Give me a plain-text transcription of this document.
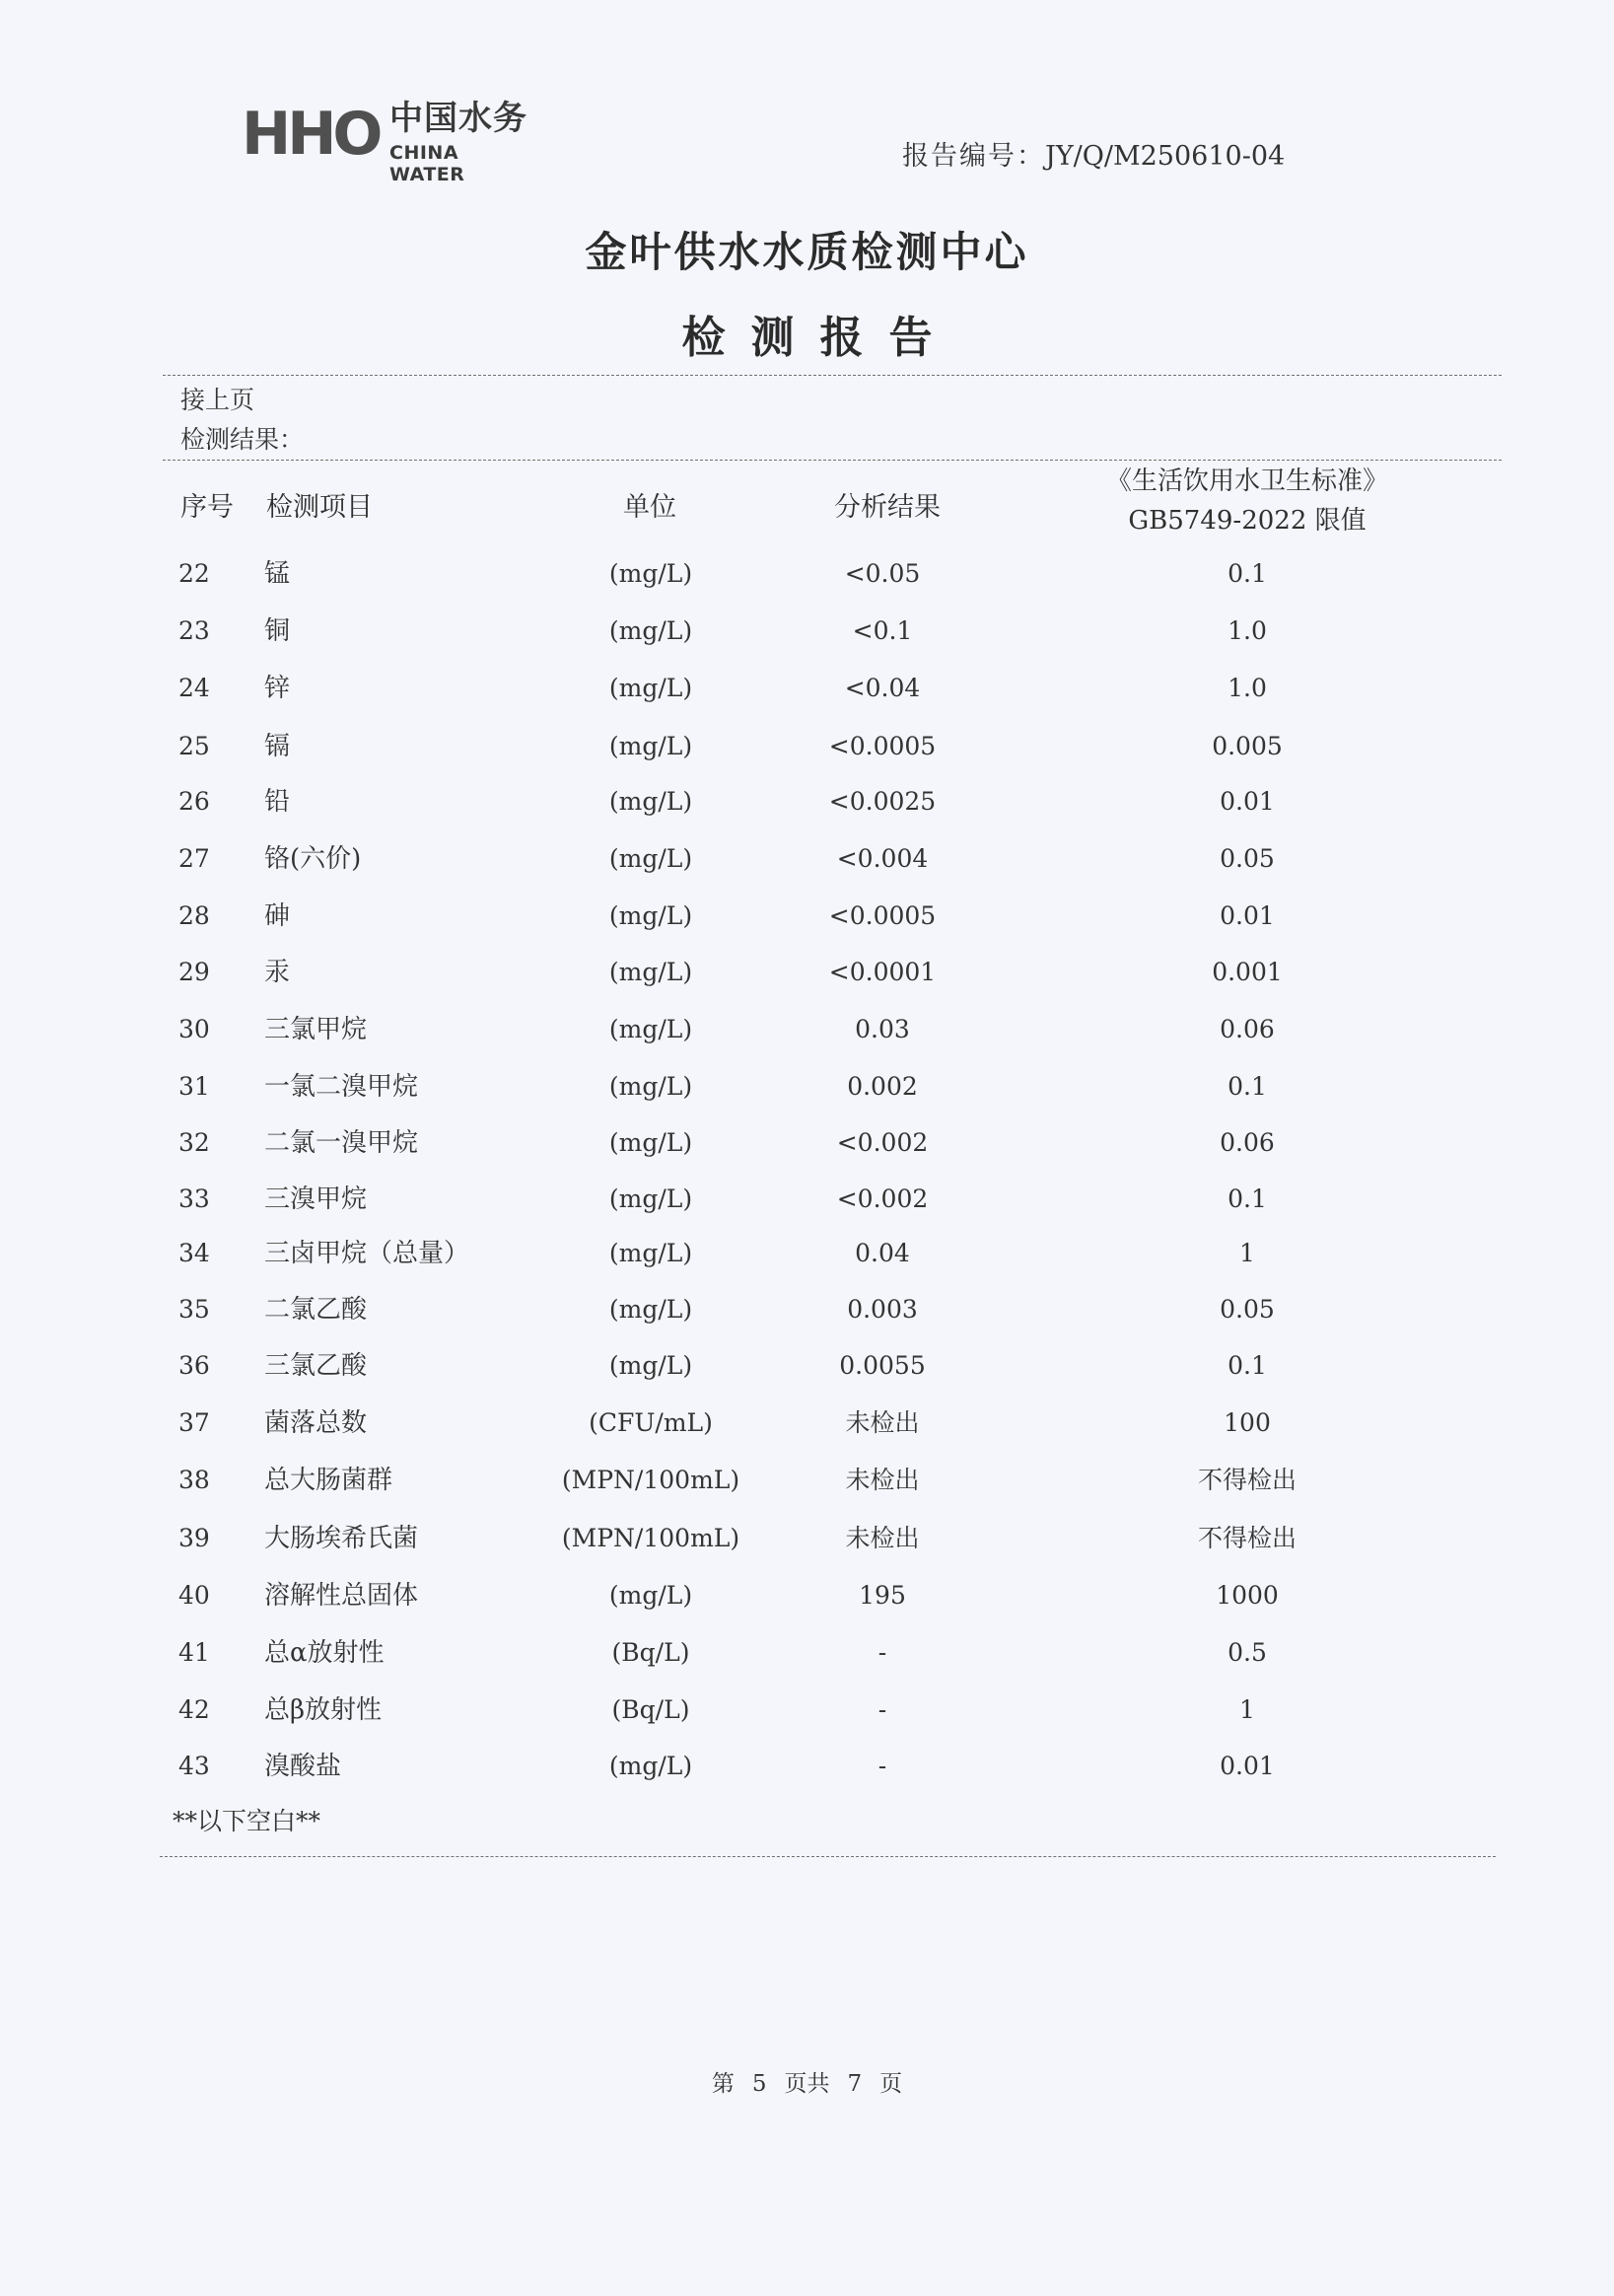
HHO 中国水务
CHINA WATER
报告编号：JY/Q/M250610-04
金叶供水水质检测中心
检测报告
接上页
检测结果：
序号 检测项目	单位	分析结果
《生活饮用水卫生标准》
GB5749-2022 限值
22 锰	(mg/L)	<0.05	0.1
23 铜	(mg/L)	<0.1	1.0
24 锌	(mg/L)	<0.04	1.0
25 镉	(mg/L)	<0.0005	0.005
26 铅	(mg/L)	<0.0025	0.01
27 铬(六价)	(mg/L)	<0.004	0.05
28 砷	(mg/L)	<0.0005	0.01
29 汞	(mg/L)	<0.0001	0.001
30 三氯甲烷	(mg/L)	0.03	0.06
31 一氯二溴甲烷	(mg/L)	0.002	0.1
32 二氯一溴甲烷	(mg/L)	<0.002	0.06
33 三溴甲烷	(mg/L)	<0.002	0.1
34 三卤甲烷（总量）	(mg/L)	0.04	1
35 二氯乙酸	(mg/L)	0.003	0.05
36 三氯乙酸	(mg/L)	0.0055	0.1
37 菌落总数	(CFU/mL)	未检出	100
38 总大肠菌群	(MPN/100mL)	未检出	不得检出
39 大肠埃希氏菌	(MPN/100mL)	未检出	不得检出
40 溶解性总固体	(mg/L)	195	1000
41 总α放射性	(Bq/L)	-	0.5
42 总β放射性	(Bq/L)	-	1
43 溴酸盐	(mg/L)	-	0.01
**以下空白**
第 5 页共 7 页
